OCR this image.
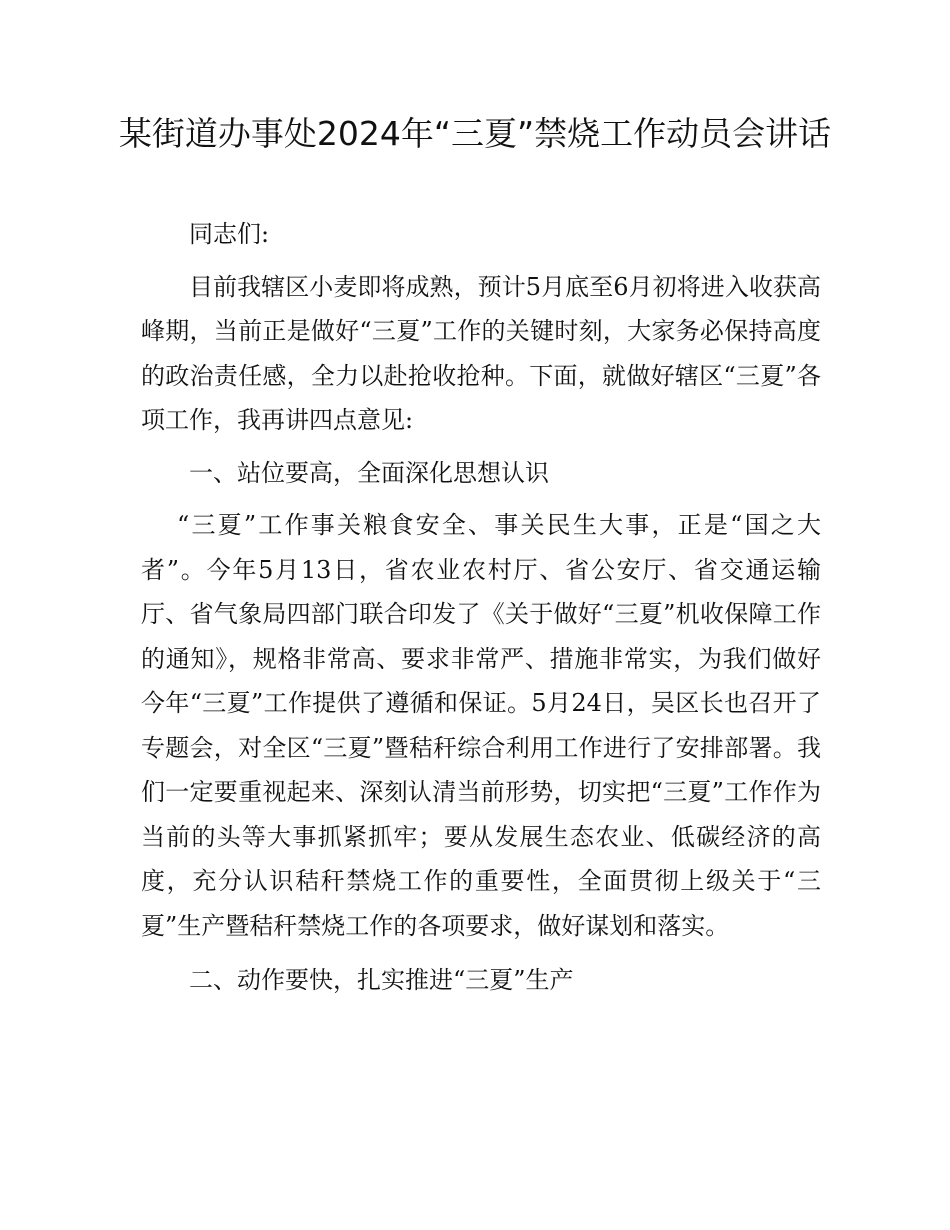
某街道办事处2024年“三夏”禁烧工作动员会讲话

同志们:

目前我辖区小麦即将成熟，预计5月底至6月初将进入收获高峰期，当前正是做好“三夏”工作的关键时刻，大家务必保持高度的政治责任感，全力以赴抢收抢种。下面，就做好辖区“三夏”各项工作，我再讲四点意见:

一、站位要高，全面深化思想认识

“三夏”工作事关粮食安全、事关民生大事，正是“国之大者”。今年5月13日，省农业农村厅、省公安厅、省交通运输厅、省气象局四部门联合印发了《关于做好“三夏”机收保障工作的通知》，规格非常高、要求非常严、措施非常实，为我们做好今年“三夏”工作提供了遵循和保证。5月24日，吴区长也召开了专题会，对全区“三夏”暨秸秆综合利用工作进行了安排部署。我们一定要重视起来、深刻认清当前形势，切实把“三夏”工作作为当前的头等大事抓紧抓牢；要从发展生态农业、低碳经济的高度，充分认识秸秆禁烧工作的重要性，全面贯彻上级关于“三夏”生产暨秸秆禁烧工作的各项要求，做好谋划和落实。

二、动作要快，扎实推进“三夏”生产
